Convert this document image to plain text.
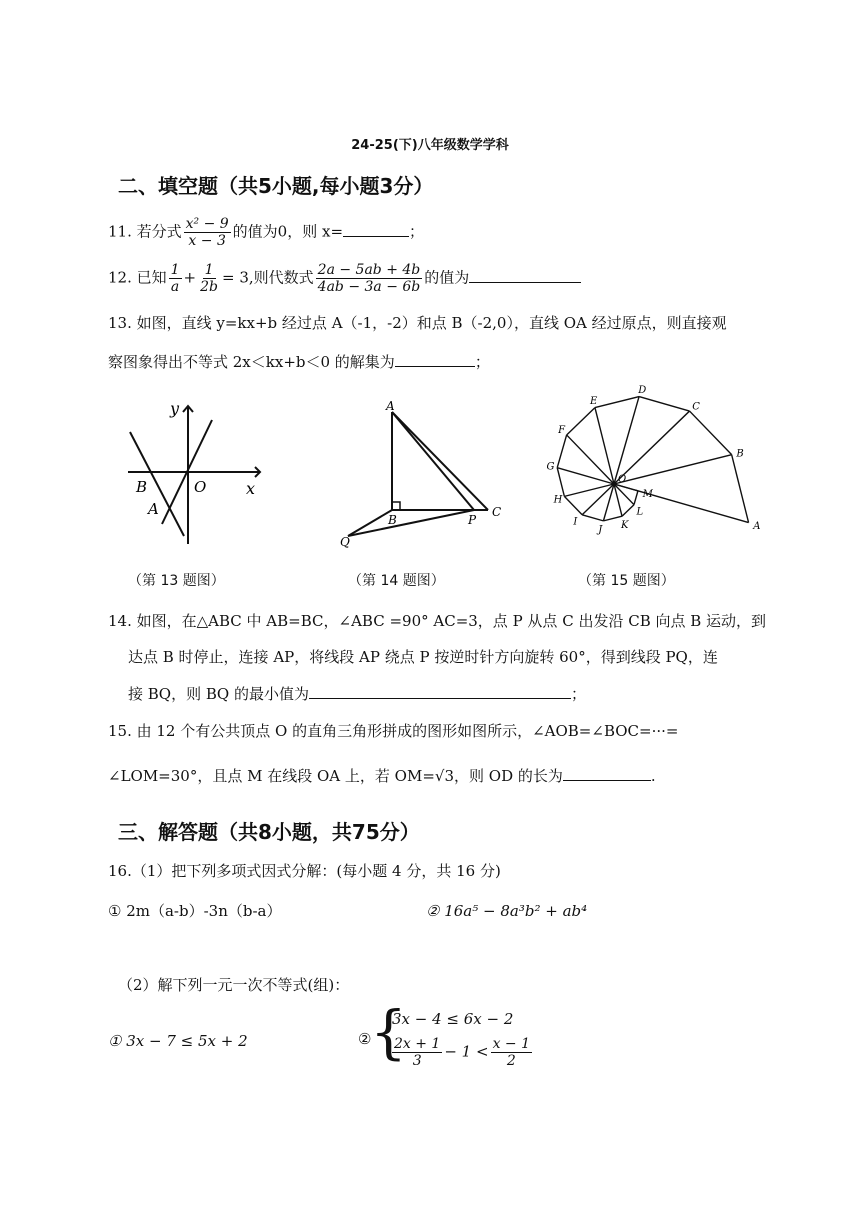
24-25(下)八年级数学学科
二、填空题（共5小题,每小题3分）
11. 若分式 $\frac{\text{x² − 9}}{x - 3}$ 的值为0，则 x=	；
12. 已知 $\frac{1}{a} + \frac{1}{2b} = 3$,则代数式 $\frac{2a - 5ab + 4b}{4ab - 3a - 6b}$ 的值为
13. 如图，直线 y=kx+b 经过点 A（-1，-2）和点 B（-2,0），直线 OA 经过原点，则直接观
察图象得出不等式 2x＜kx+b＜0 的解集为	；
y
x
B	O
A
A
B	P
C
Q
A
B
C
D
E
F
G
H
I
J K
L
M
O
（第 13 题图）	（第 14 题图）	（第 15 题图）
14. 如图，在△ABC 中 AB=BC，∠ABC =90° AC=3，点 P 从点 C 出发沿 CB 向点 B 运动，到
达点 B 时停止，连接 AP，将线段 AP 绕点 P 按逆时针方向旋转 60°，得到线段 PQ，连
接 BQ，则 BQ 的最小值为	；
15. 由 12 个有公共顶点 O 的直角三角形拼成的图形如图所示，∠AOB=∠BOC=···=
∠LOM=30°，且点 M 在线段 OA 上，若 OM=√3，则 OD 的长为	.
三、解答题（共8小题，共75分）
16.（1）把下列多项式因式分解：(每小题 4 分，共 16 分)
① 2m（a-b）-3n（b-a）	② 16a⁵ − 8a³b² + ab⁴
（2）解下列一元一次不等式(组)：
① 3x − 7 ≤ 5x + 2	②
{
3x − 4 ≤ 6x − 2
$\frac{2x + 1}{3} - 1 < \frac{x - 1}{2}$
